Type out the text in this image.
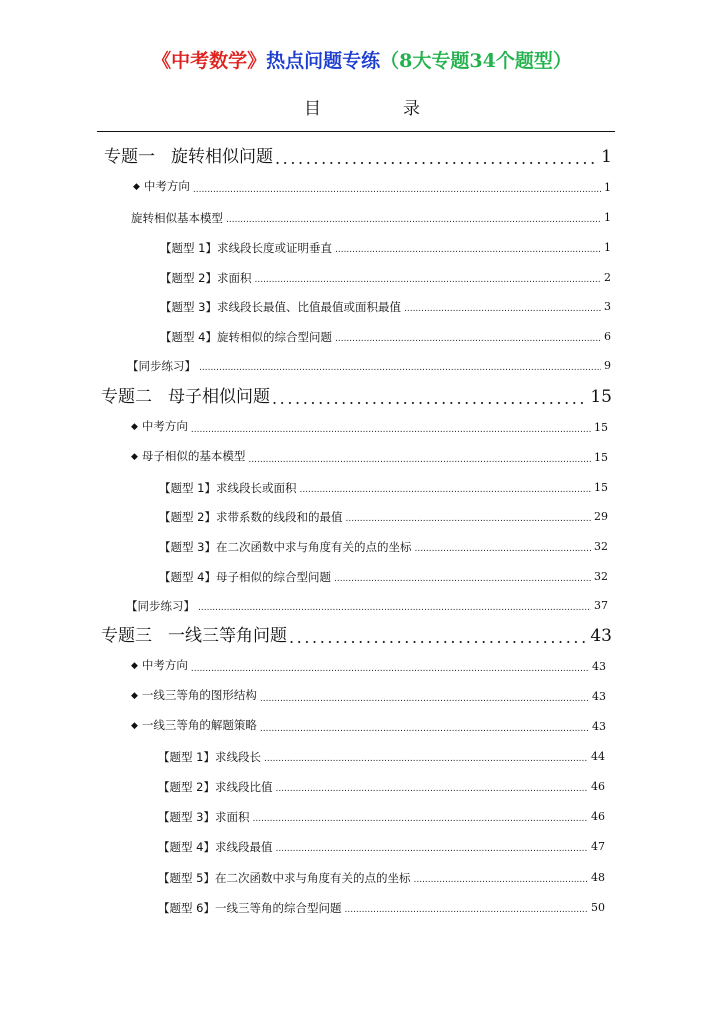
《中考数学》热点问题专练（8大专题34个题型）
目	录
专题一 旋转相似问题 .....	1
◆ 中考方向 .....	1
旋转相似基本模型 .....	1
【题型 1】求线段长度或证明垂直 .....	1
【题型 2】求面积 .....	2
【题型 3】求线段长最值、比值最值或面积最值 .....	3
【题型 4】旋转相似的综合型问题 .....	6
【同步练习】 .....	9
专题二 母子相似问题 .....	15
◆ 中考方向 .....	15
◆ 母子相似的基本模型 .....	15
【题型 1】求线段长或面积 .....	15
【题型 2】求带系数的线段和的最值 .....	29
【题型 3】在二次函数中求与角度有关的点的坐标 .....	32
【题型 4】母子相似的综合型问题 .....	32
【同步练习】 .....	37
专题三 一线三等角问题 .....	43
◆ 中考方向 .....	43
◆ 一线三等角的图形结构 .....	43
◆ 一线三等角的解题策略 .....	43
【题型 1】求线段长 .....	44
【题型 2】求线段比值 .....	46
【题型 3】求面积 .....	46
【题型 4】求线段最值 .....	47
【题型 5】在二次函数中求与角度有关的点的坐标 .....	48
【题型 6】一线三等角的综合型问题 .....	50
